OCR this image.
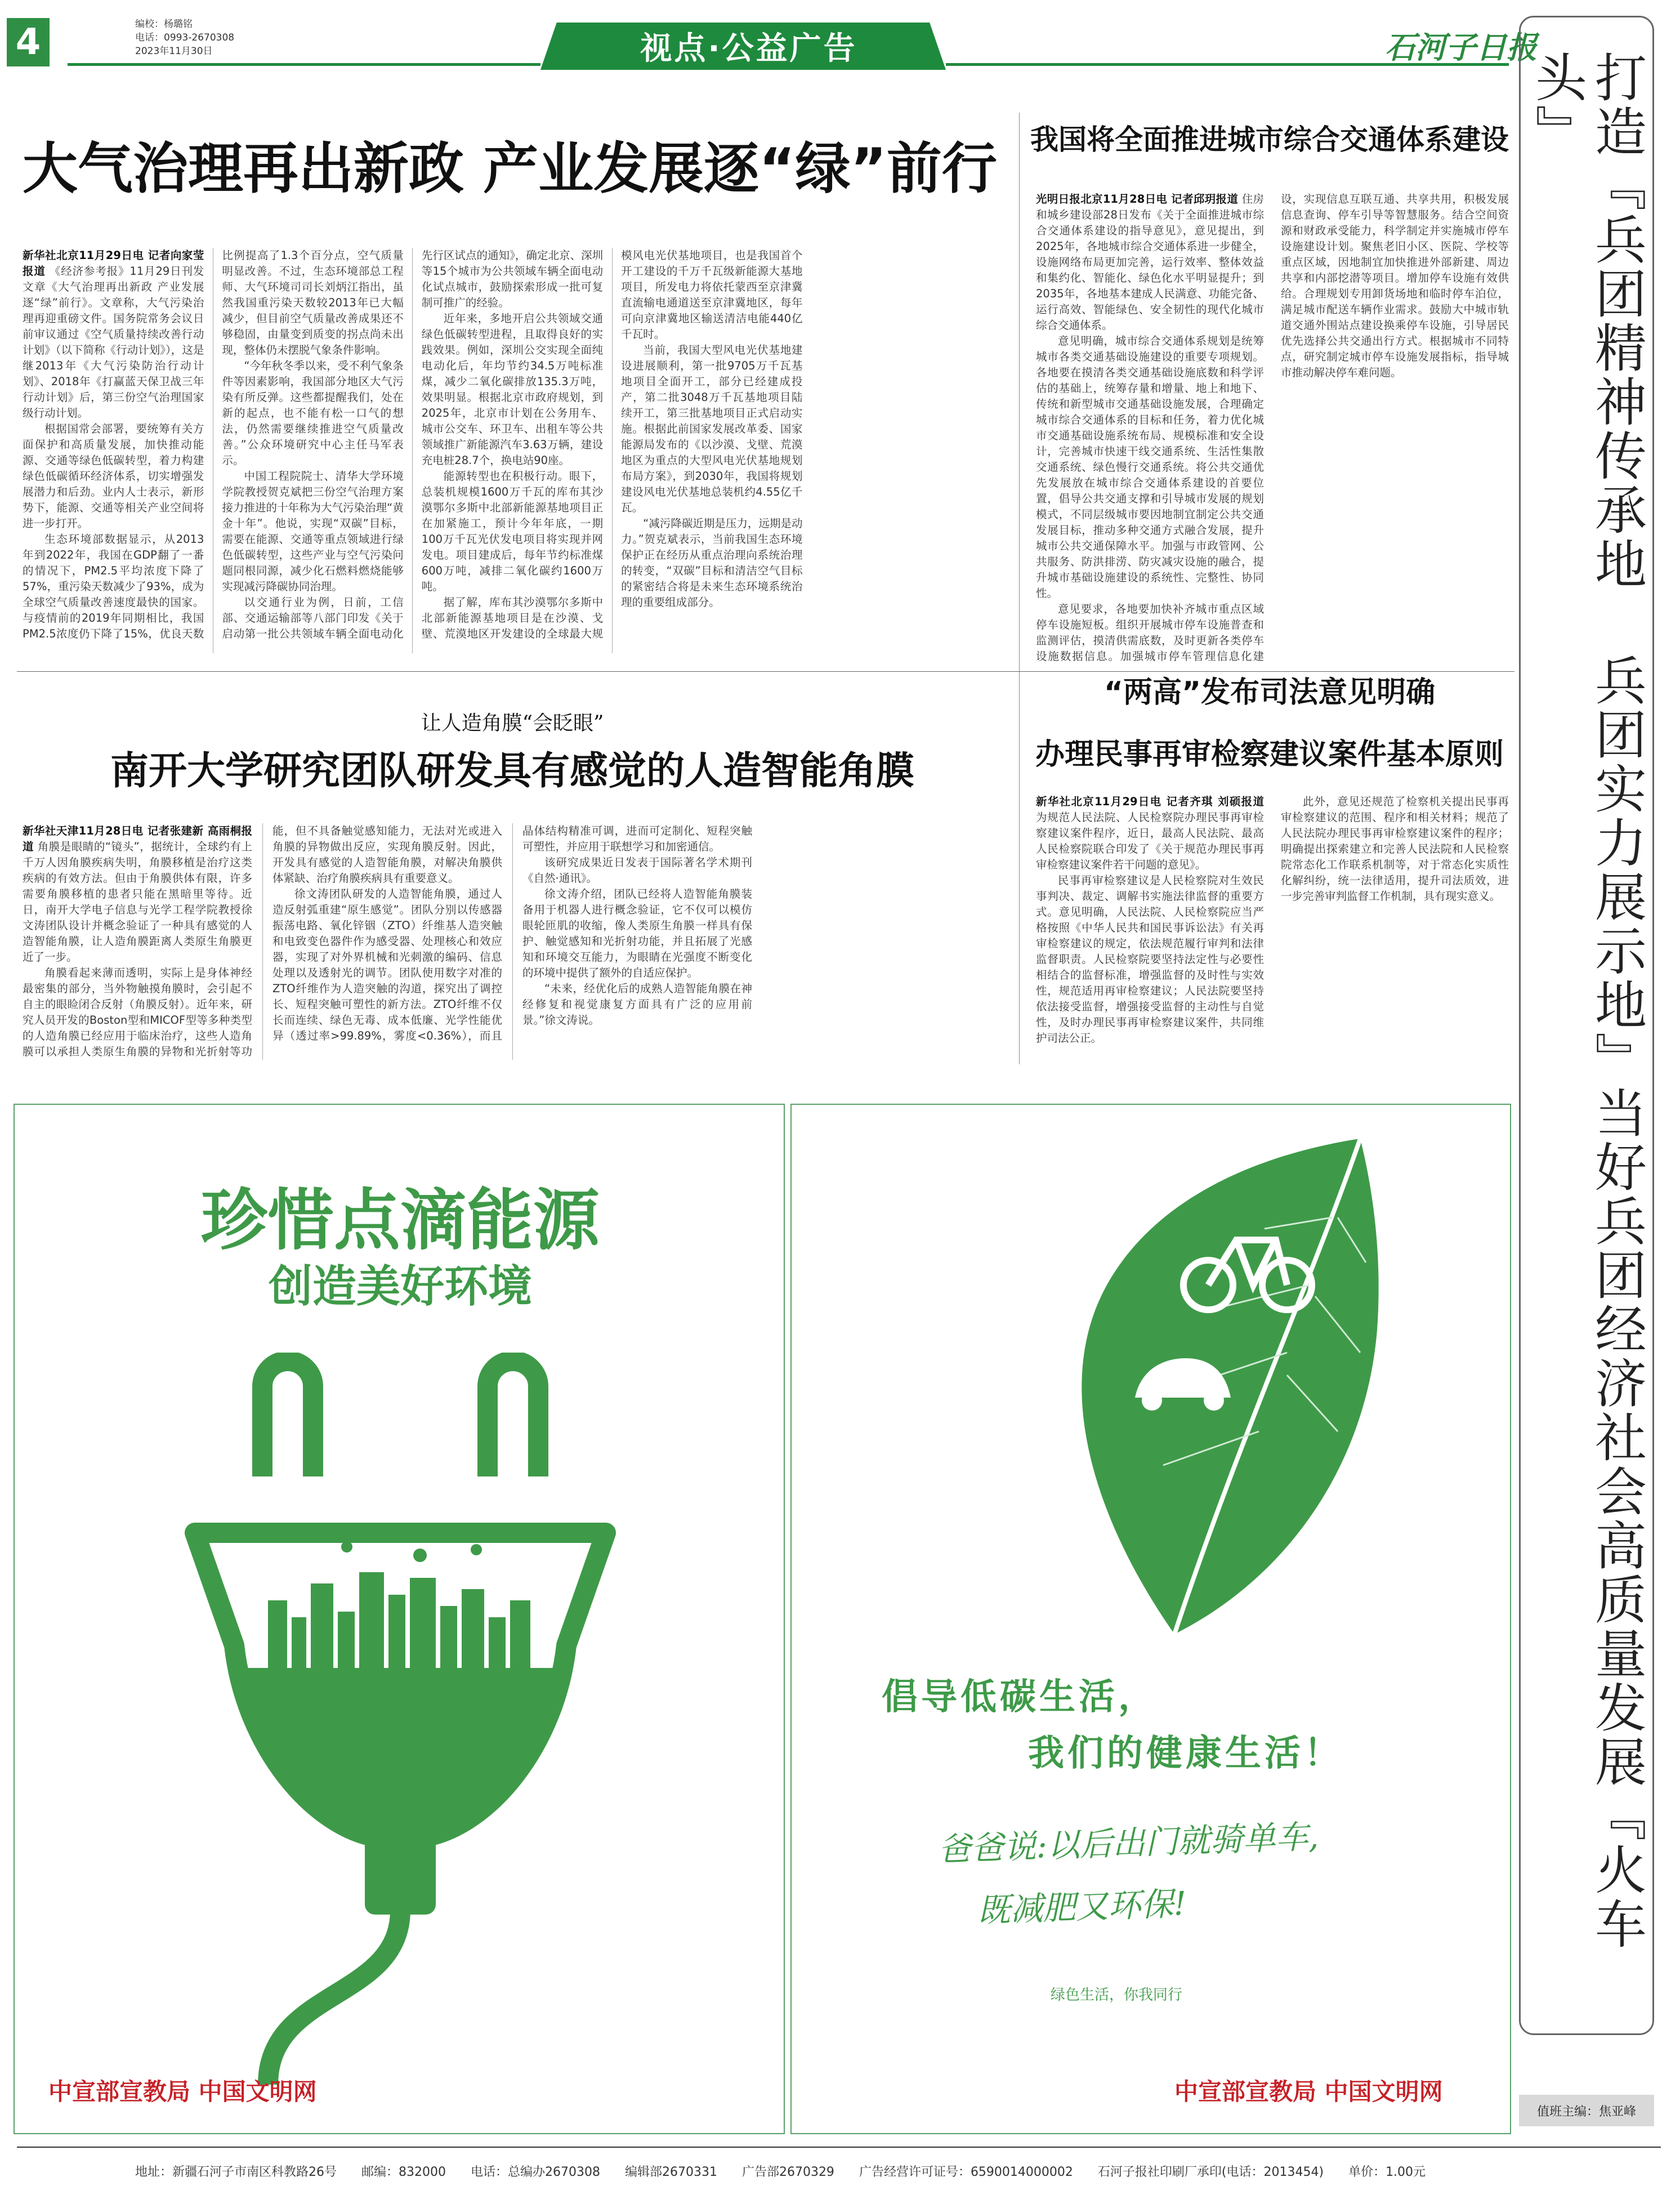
4	编校：杨璐铭
电话：0993-2670308
2023年11月30日	视点·公益广告	石河子日报
大气治理再出新政 产业发展逐“绿”前行

新华社北京11月29日电 记者向家莹报道 《经济参考报》11月29日刊发文章《大气治理再出新政 产业发展逐“绿”前行》。文章称，大气污染治理再迎重磅文件。国务院常务会议日前审议通过《空气质量持续改善行动计划》（以下简称《行动计划》），这是继2013年《大气污染防治行动计划》、2018年《打赢蓝天保卫战三年行动计划》后，第三份空气治理国家级行动计划。

根据国常会部署，要统筹有关方面保护和高质量发展，加快推动能源、交通等绿色低碳转型，着力构建绿色低碳循环经济体系，切实增强发展潜力和后劲。业内人士表示，新形势下，能源、交通等相关产业空间将进一步打开。

生态环境部数据显示，从2013年到2022年，我国在GDP翻了一番的情况下，PM2.5平均浓度下降了57%，重污染天数减少了93%，成为全球空气质量改善速度最快的国家。与疫情前的2019年同期相比，我国PM2.5浓度仍下降了15%，优良天数比例提高了1.3个百分点，空气质量明显改善。不过，生态环境部总工程师、大气环境司司长刘炳江指出，虽然我国重污染天数较2013年已大幅减少，但目前空气质量改善成果还不够稳固，由量变到质变的拐点尚未出现，整体仍未摆脱气象条件影响。

“今年秋冬季以来，受不利气象条件等因素影响，我国部分地区大气污染有所反弹。这些都提醒我们，处在新的起点，也不能有松一口气的想法，仍然需要继续推进空气质量改善。”公众环境研究中心主任马军表示。

中国工程院院士、清华大学环境学院教授贺克斌把三份空气治理方案接力推进的十年称为大气污染治理“黄金十年”。他说，实现“双碳”目标，需要在能源、交通等重点领域进行绿色低碳转型，这些产业与空气污染问题同根同源，减少化石燃料燃烧能够实现减污降碳协同治理。

以交通行业为例，日前，工信部、交通运输部等八部门印发《关于启动第一批公共领域车辆全面电动化先行区试点的通知》，确定北京、深圳等15个城市为公共领域车辆全面电动化试点城市，鼓励探索形成一批可复制可推广的经验。

近年来，多地开启公共领域交通绿色低碳转型进程，且取得良好的实践效果。例如，深圳公交实现全面纯电动化后，年均节约34.5万吨标准煤，减少二氧化碳排放135.3万吨，效果明显。根据北京市政府规划，到2025年，北京市计划在公务用车、城市公交车、环卫车、出租车等公共领域推广新能源汽车3.63万辆，建设充电桩28.7个，换电站90座。

能源转型也在积极行动。眼下，总装机规模1600万千瓦的库布其沙漠鄂尔多斯中北部新能源基地项目正在加紧施工，预计今年年底，一期100万千瓦光伏发电项目将实现并网发电。项目建成后，每年节约标准煤600万吨，减排二氧化碳约1600万吨。

据了解，库布其沙漠鄂尔多斯中北部新能源基地项目是在沙漠、戈壁、荒漠地区开发建设的全球最大规模风电光伏基地项目，也是我国首个开工建设的千万千瓦级新能源大基地项目，所发电力将依托蒙西至京津冀直流输电通道送至京津冀地区，每年可向京津冀地区输送清洁电能440亿千瓦时。

当前，我国大型风电光伏基地建设进展顺利，第一批9705万千瓦基地项目全面开工，部分已经建成投产，第二批3048万千瓦基地项目陆续开工，第三批基地项目正式启动实施。根据此前国家发展改革委、国家能源局发布的《以沙漠、戈壁、荒漠地区为重点的大型风电光伏基地规划布局方案》，到2030年，我国将规划建设风电光伏基地总装机约4.55亿千瓦。

“减污降碳近期是压力，远期是动力。”贺克斌表示，当前我国生态环境保护正在经历从重点治理向系统治理的转变，“双碳”目标和清洁空气目标的紧密结合将是未来生态环境系统治理的重要组成部分。

我国将全面推进城市综合交通体系建设

光明日报北京11月28日电 记者邱玥报道 住房和城乡建设部28日发布《关于全面推进城市综合交通体系建设的指导意见》，意见提出，到2025年，各地城市综合交通体系进一步健全，设施网络布局更加完善，运行效率、整体效益和集约化、智能化、绿色化水平明显提升；到2035年，各地基本建成人民满意、功能完备、运行高效、智能绿色、安全韧性的现代化城市综合交通体系。

意见明确，城市综合交通体系规划是统筹城市各类交通基础设施建设的重要专项规划。各地要在摸清各类交通基础设施底数和科学评估的基础上，统筹存量和增量、地上和地下、传统和新型城市交通基础设施发展，合理确定城市综合交通体系的目标和任务，着力优化城市交通基础设施系统布局、规模标准和安全设计，完善城市快速干线交通系统、生活性集散交通系统、绿色慢行交通系统。将公共交通优先发展放在城市综合交通体系建设的首要位置，倡导公共交通支撑和引导城市发展的规划模式，不同层级城市要因地制宜制定公共交通发展目标，推动多种交通方式融合发展，提升城市公共交通保障水平。加强与市政管网、公共服务、防洪排涝、防灾减灾设施的融合，提升城市基础设施建设的系统性、完整性、协同性。

意见要求，各地要加快补齐城市重点区域停车设施短板。组织开展城市停车设施普查和监测评估，摸清供需底数，及时更新各类停车设施数据信息。加强城市停车管理信息化建设，实现信息互联互通、共享共用，积极发展信息查询、停车引导等智慧服务。结合空间资源和财政承受能力，科学制定并实施城市停车设施建设计划。聚焦老旧小区、医院、学校等重点区域，因地制宜加快推进外部新建、周边共享和内部挖潜等项目。增加停车设施有效供给。合理规划专用卸货场地和临时停车泊位，满足城市配送车辆作业需求。鼓励大中城市轨道交通外围站点建设换乘停车设施，引导居民优先选择公共交通出行方式。根据城市不同特点，研究制定城市停车设施发展指标，指导城市推动解决停车难问题。

让人造角膜“会眨眼”
南开大学研究团队研发具有感觉的人造智能角膜

新华社天津11月28日电 记者张建新 高雨桐报道 角膜是眼睛的“镜头”，据统计，全球约有上千万人因角膜疾病失明，角膜移植是治疗这类疾病的有效方法。但由于角膜供体有限，许多需要角膜移植的患者只能在黑暗里等待。近日，南开大学电子信息与光学工程学院教授徐文涛团队设计并概念验证了一种具有感觉的人造智能角膜，让人造角膜距离人类原生角膜更近了一步。

角膜看起来薄而透明，实际上是身体神经最密集的部分，当外物触摸角膜时，会引起不自主的眼睑闭合反射（角膜反射）。近年来，研究人员开发的Boston型和MICOF型等多种类型的人造角膜已经应用于临床治疗，这些人造角膜可以承担人类原生角膜的异物和光折射等功能，但不具备触觉感知能力，无法对光或进入角膜的异物做出反应，实现角膜反射。因此，开发具有感觉的人造智能角膜，对解决角膜供体紧缺、治疗角膜疾病具有重要意义。

徐文涛团队研发的人造智能角膜，通过人造反射弧重建“原生感觉”。团队分别以传感器振荡电路、氧化锌铟（ZTO）纤维基人造突触和电致变色器件作为感受器、处理核心和效应器，实现了对外界机械和光刺激的编码、信息处理以及透射光的调节。团队使用数字对准的ZTO纤维作为人造突触的沟道，探究出了调控长、短程突触可塑性的新方法。ZTO纤维不仅长而连续、绿色无毒、成本低廉、光学性能优异（透过率>99.89%，雾度<0.36%），而且晶体结构精准可调，进而可定制化、短程突触可塑性，并应用于联想学习和加密通信。

该研究成果近日发表于国际著名学术期刊《自然·通讯》。

徐文涛介绍，团队已经将人造智能角膜装备用于机器人进行概念验证，它不仅可以模仿眼轮匝肌的收缩，像人类原生角膜一样具有保护、触觉感知和光折射功能，并且拓展了光感知和环境交互能力，为眼睛在光强度不断变化的环境中提供了额外的自适应保护。

“未来，经优化后的成熟人造智能角膜在神经修复和视觉康复方面具有广泛的应用前景。”徐文涛说。

“两高”发布司法意见明确
办理民事再审检察建议案件基本原则

新华社北京11月29日电 记者齐琪 刘硕报道 为规范人民法院、人民检察院办理民事再审检察建议案件程序，近日，最高人民法院、最高人民检察院联合印发了《关于规范办理民事再审检察建议案件若干问题的意见》。

民事再审检察建议是人民检察院对生效民事判决、裁定、调解书实施法律监督的重要方式。意见明确，人民法院、人民检察院应当严格按照《中华人民共和国民事诉讼法》有关再审检察建议的规定，依法规范履行审判和法律监督职责。人民检察院要坚持法定性与必要性相结合的监督标准，增强监督的及时性与实效性，规范适用再审检察建议；人民法院要坚持依法接受监督，增强接受监督的主动性与自觉性，及时办理民事再审检察建议案件，共同维护司法公正。

此外，意见还规范了检察机关提出民事再审检察建议的范围、程序和相关材料；规范了人民法院办理民事再审检察建议案件的程序；明确提出探索建立和完善人民法院和人民检察院常态化工作联系机制等，对于常态化实质性化解纠纷，统一法律适用，提升司法质效，进一步完善审判监督工作机制，具有现实意义。

珍惜点滴能源
创造美好环境
中宣部宣教局 中国文明网
倡导低碳生活，
我们的健康生活！
爸爸说:以后出门就骑单车,
既减肥又环保!
绿色生活，你我同行
中宣部宣教局 中国文明网
打造『兵团精神传承地 兵团实力展示地』当好兵团经济社会高质量发展『火车头』
值班主编：焦亚峰
地址：新疆石河子市南区科教路26号 邮编：832000 电话：总编办2670308 编辑部2670331 广告部2670329 广告经营许可证号：6590014000002 石河子报社印刷厂承印(电话：2013454) 单价：1.00元
